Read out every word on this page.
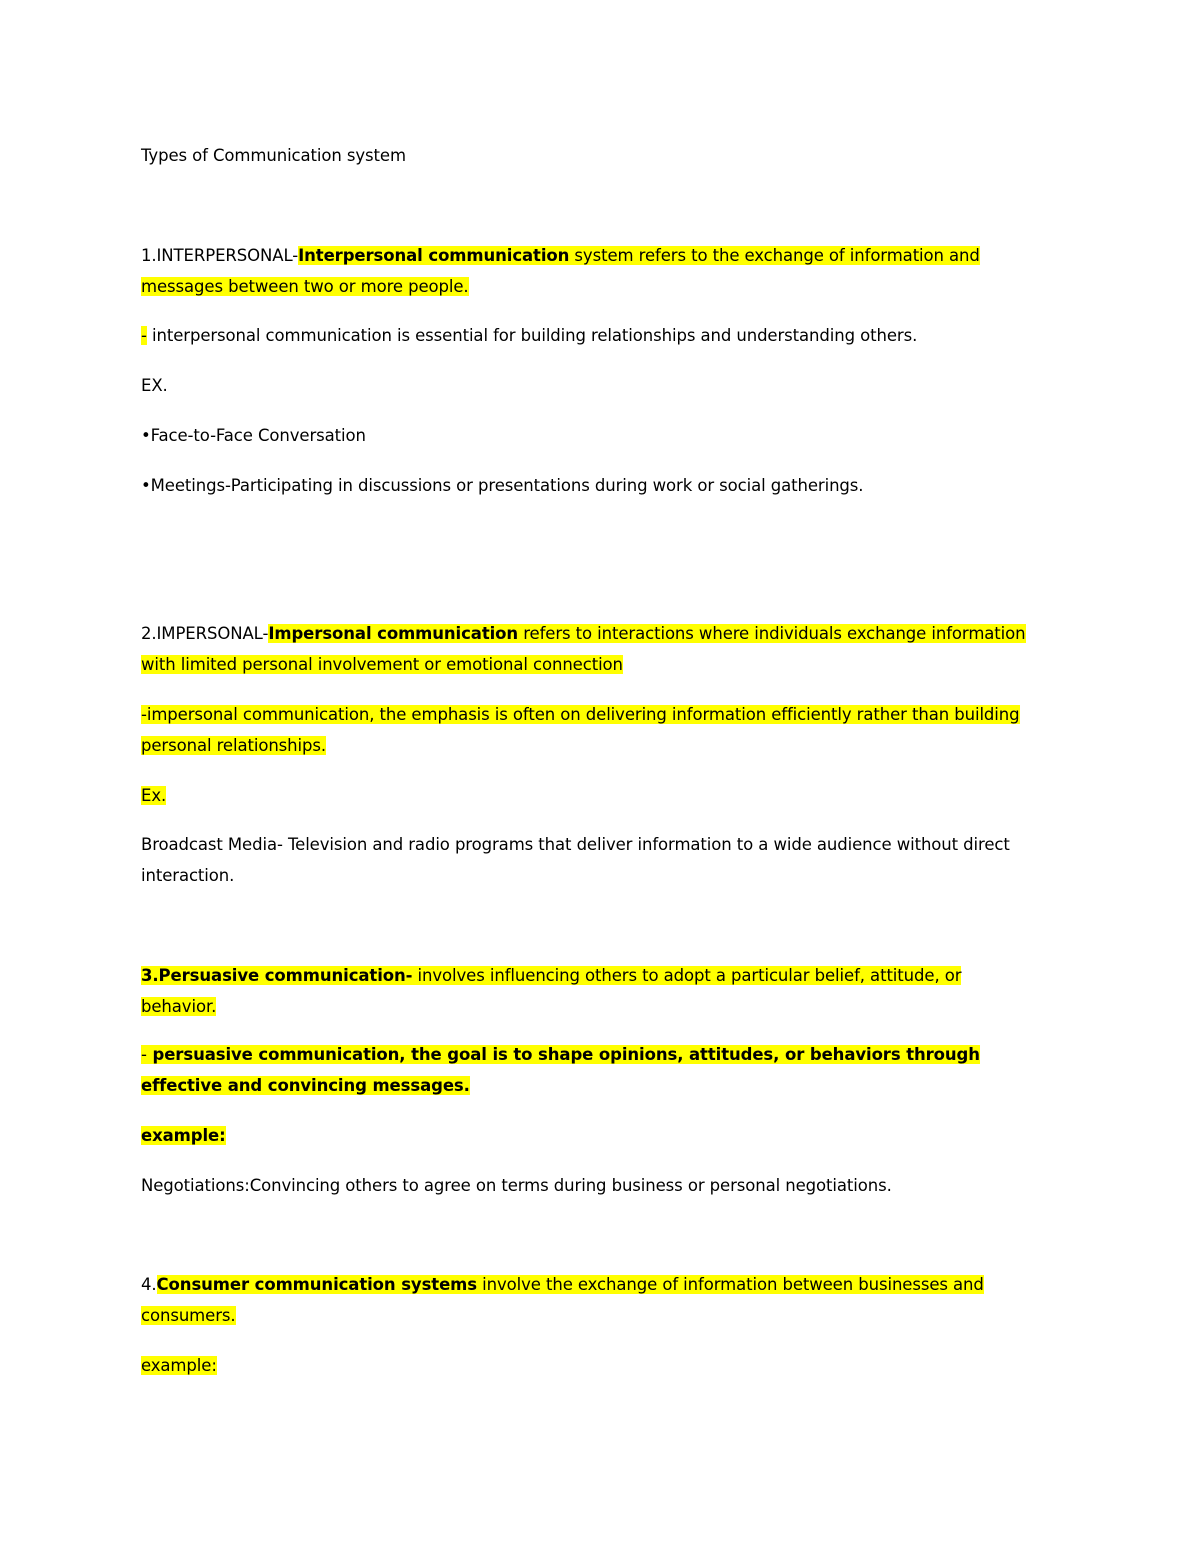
Types of Communication system

1.INTERPERSONAL-Interpersonal communication system refers to the exchange of information and messages between two or more people.

- interpersonal communication is essential for building relationships and understanding others.

EX.

•Face-to-Face Conversation

•Meetings-Participating in discussions or presentations during work or social gatherings.

2.IMPERSONAL-Impersonal communication refers to interactions where individuals exchange information with limited personal involvement or emotional connection

-impersonal communication, the emphasis is often on delivering information efficiently rather than building personal relationships.

Ex.

Broadcast Media- Television and radio programs that deliver information to a wide audience without direct interaction.

3.Persuasive communication- involves influencing others to adopt a particular belief, attitude, or behavior.

- persuasive communication, the goal is to shape opinions, attitudes, or behaviors through effective and convincing messages.

example:

Negotiations:Convincing others to agree on terms during business or personal negotiations.

4.Consumer communication systems involve the exchange of information between businesses and consumers.

example:
